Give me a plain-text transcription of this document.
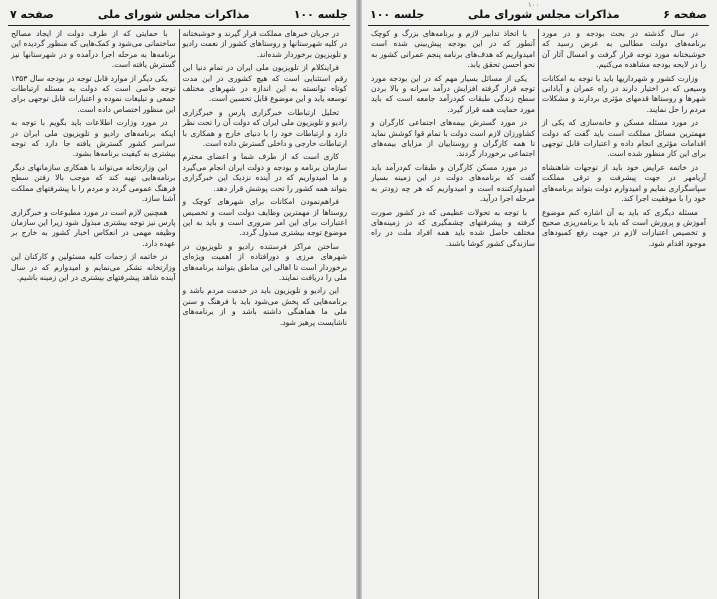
جلسه ۱۰۰
مذاکرات مجلس شورای ملی
صفحه ۷

در جریان خبرهای مملکت قرار گیرند و خوشبختانه در کلیه شهرستانها و روستاهای کشور از نعمت رادیو و تلویزیون برخوردار شده‌اند.

فراینکلام از تلویزیون ملی ایران در تمام دنیا این رقم استثنایی است که هیچ کشوری در این مدت کوتاه توانسته به این اندازه در شهرهای مختلف توسعه یابد و این موضوع قابل تحسین است.

تحلیل ارتباطات خبرگزاری پارس و خبرگزاری رادیو و تلویزیون ملی ایران که دولت آن را تحت نظر دارد و ارتباطات خود را با دنیای خارج و همکاری با ارتباطات خارجی و داخلی گسترش داده است.

کاری است که از طرف شما و اعضای محترم سازمان برنامه و بودجه و دولت ایران انجام می‌گیرد و ما امیدواریم که در آینده نزدیک این خبرگزاری بتواند همه کشور را تحت پوشش قرار دهد.

فراهم‌نمودن امکانات برای شهرهای کوچک و روستاها از مهمترین وظایف دولت است و تخصیص اعتبارات برای این امر ضروری است و باید به این موضوع توجه بیشتری مبذول گردد.

ساختن مراکز فرستنده رادیو و تلویزیون در شهرهای مرزی و دورافتاده از اهمیت ویژه‌ای برخوردار است تا اهالی این مناطق بتوانند برنامه‌های ملی را دریافت نمایند.

این رادیو و تلویزیون باید در خدمت مردم باشد و برنامه‌هایی که پخش می‌شود باید با فرهنگ و سنن ملی ما هماهنگی داشته باشد و از برنامه‌های ناشایست پرهیز شود.

با حمایتی که از طرف دولت از ایجاد مصالح ساختمانی می‌شود و کمک‌هایی که منظور گردیده این برنامه‌ها به مرحله اجرا درآمده و در شهرستانها نیز گسترش یافته است.

یکی دیگر از موارد قابل توجه در بودجه سال ۱۳۵۳ توجه خاصی است که دولت به مسئله ارتباطات جمعی و تبلیغات نموده و اعتبارات قابل توجهی برای این منظور اختصاص داده است.

در مورد وزارت اطلاعات باید بگویم با توجه به اینکه برنامه‌های رادیو و تلویزیون ملی ایران در سراسر کشور گسترش یافته جا دارد که توجه بیشتری به کیفیت برنامه‌ها بشود.

این وزارتخانه می‌تواند با همکاری سازمانهای دیگر برنامه‌هایی تهیه کند که موجب بالا رفتن سطح فرهنگ عمومی گردد و مردم را با پیشرفتهای مملکت آشنا سازد.

همچنین لازم است در مورد مطبوعات و خبرگزاری پارس نیز توجه بیشتری مبذول شود زیرا این سازمان وظیفه مهمی در انعکاس اخبار کشور به خارج بر عهده دارد.

در خاتمه از زحمات کلیه مسئولین و کارکنان این وزارتخانه تشکر می‌نمایم و امیدوارم که در سال آینده شاهد پیشرفتهای بیشتری در این زمینه باشیم.

صفحه ۶
مذاکرات مجلس شورای ملی
جلسه ۱۰۰

در سال گذشته در بحث بودجه و در مورد برنامه‌های دولت مطالبی به عرض رسید که خوشبختانه مورد توجه قرار گرفت و امسال آثار آن را در لایحه بودجه مشاهده می‌کنیم.

وزارت کشور و شهرداریها باید با توجه به امکانات وسیعی که در اختیار دارند در راه عمران و آبادانی شهرها و روستاها قدمهای مؤثری بردارند و مشکلات مردم را حل نمایند.

در مورد مسئله مسکن و خانه‌سازی که یکی از مهمترین مسائل مملکت است باید گفت که دولت اقدامات مؤثری انجام داده و اعتبارات قابل توجهی برای این کار منظور شده است.

در خاتمه عرایض خود باید از توجهات شاهنشاه آریامهر در جهت پیشرفت و ترقی مملکت سپاسگزاری نمایم و امیدوارم دولت بتواند برنامه‌های خود را با موفقیت اجرا کند.

مسئله دیگری که باید به آن اشاره کنم موضوع آموزش و پرورش است که باید با برنامه‌ریزی صحیح و تخصیص اعتبارات لازم در جهت رفع کمبودهای موجود اقدام شود.

با اتخاذ تدابیر لازم و برنامه‌های بزرگ و کوچک آنطور که در این بودجه پیش‌بینی شده است امیدواریم که هدف‌های برنامه پنجم عمرانی کشور به نحو احسن تحقق یابد.

یکی از مسائل بسیار مهم که در این بودجه مورد توجه قرار گرفته افزایش درآمد سرانه و بالا بردن سطح زندگی طبقات کم‌درآمد جامعه است که باید مورد حمایت همه قرار گیرد.

در مورد گسترش بیمه‌های اجتماعی کارگران و کشاورزان لازم است دولت با تمام قوا کوشش نماید تا همه کارگران و روستاییان از مزایای بیمه‌های اجتماعی برخوردار گردند.

در مورد مسکن کارگران و طبقات کم‌درآمد باید گفت که برنامه‌های دولت در این زمینه بسیار امیدوارکننده است و امیدواریم که هر چه زودتر به مرحله اجرا درآید.

با توجه به تحولات عظیمی که در کشور صورت گرفته و پیشرفتهای چشمگیری که در زمینه‌های مختلف حاصل شده باید همه افراد ملت در راه سازندگی کشور کوشا باشند.

۱۰۰
